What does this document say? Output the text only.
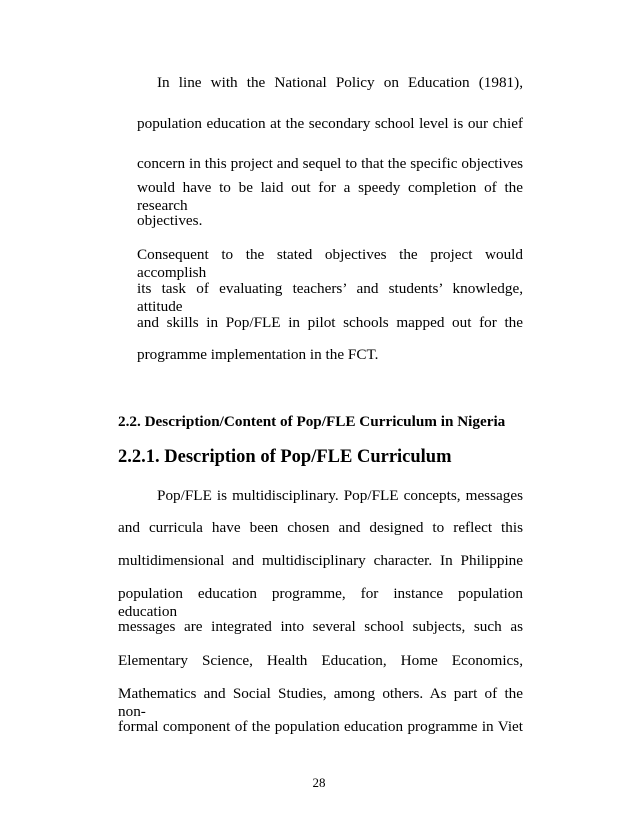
In line with the National Policy on Education (1981),

population education at the secondary school level is our chief

concern in this project and sequel to that the specific objectives

would have to be laid out for a speedy completion of the research

objectives.

Consequent to the stated objectives the project would accomplish

its task of evaluating teachers’ and students’ knowledge, attitude

and skills in Pop/FLE in pilot schools mapped out for the

programme implementation in the FCT.

2.2. Description/Content of Pop/FLE Curriculum in Nigeria

2.2.1. Description of Pop/FLE Curriculum

Pop/FLE is multidisciplinary. Pop/FLE concepts, messages

and curricula have been chosen and designed to reflect this

multidimensional and multidisciplinary character. In Philippine

population education programme, for instance population education

messages are integrated into several school subjects, such as

Elementary Science, Health Education, Home Economics,

Mathematics and Social Studies, among others. As part of the non-

formal component of the population education programme in Viet

28
